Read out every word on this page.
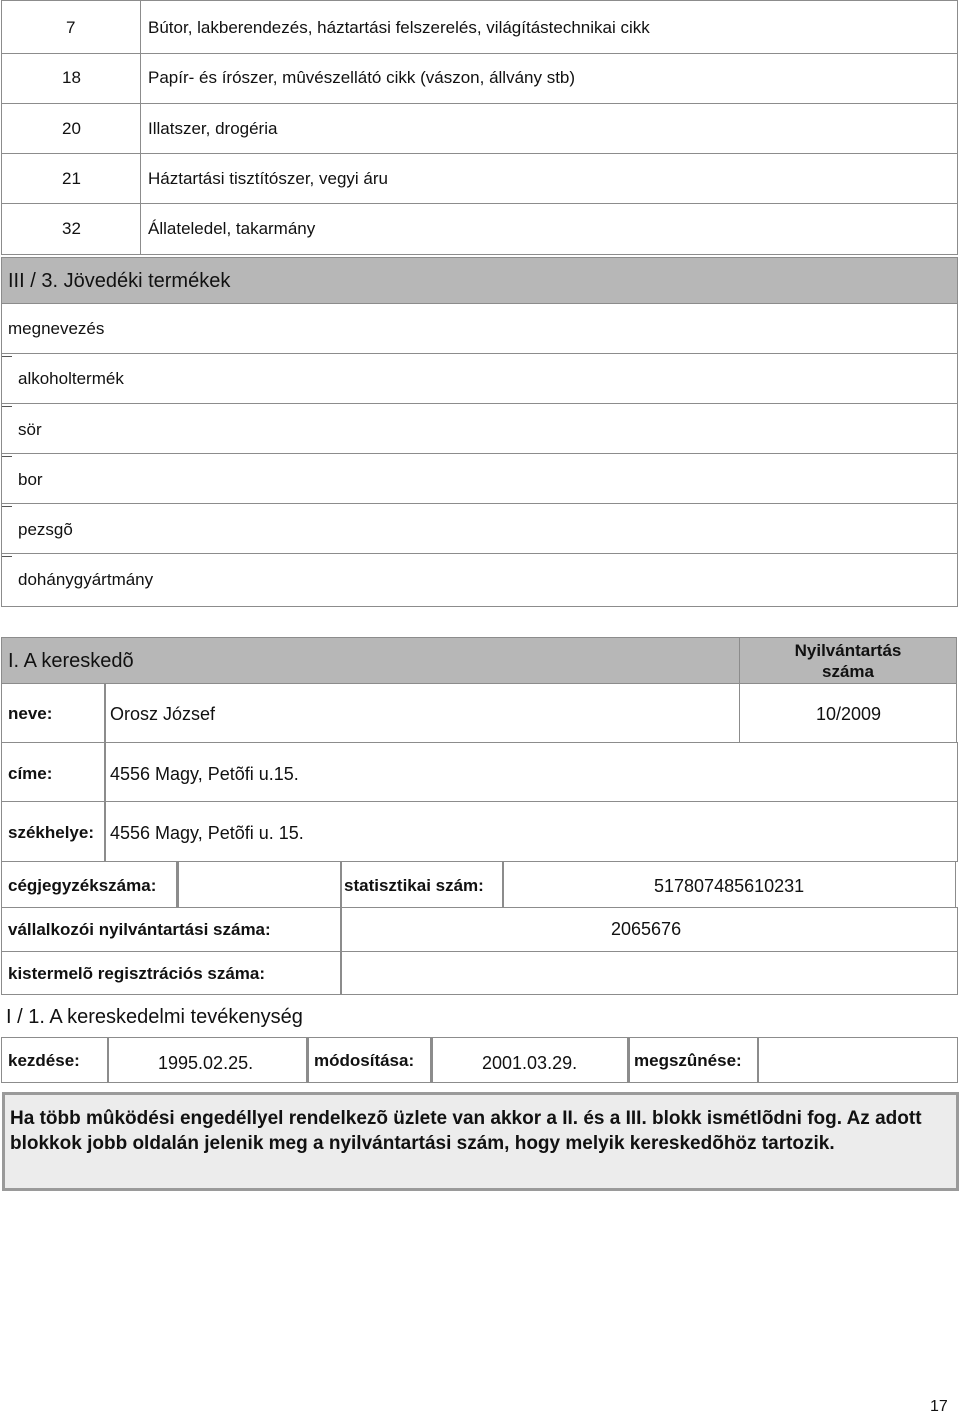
7	Bútor, lakberendezés, háztartási felszerelés, világítástechnikai cikk
18	Papír- és írószer, mûvészellátó cikk (vászon, állvány stb)
20	Illatszer, drogéria
21	Háztartási tisztítószer, vegyi áru
32	Állateledel, takarmány
III / 3. Jövedéki termékek
megnevezés
alkoholtermék
sör
bor
pezsgõ
dohánygyártmány
I. A kereskedõ	Nyilvántartás száma
neve:	Orosz József	10/2009
címe:	4556 Magy, Petõfi u.15.
székhelye: 4556 Magy, Petõfi u. 15.
cégjegyzékszáma:	statisztikai szám:	517807485610231
vállalkozói nyilvántartási száma:	2065676
kistermelõ regisztrációs száma:
I / 1. A kereskedelmi tevékenység
kezdése:	1995.02.25.	módosítása:	2001.03.29.	megszûnése:
Ha több mûködési engedéllyel rendelkezõ üzlete van akkor a II. és a III. blokk ismétlõdni fog. Az adott blokkok jobb oldalán jelenik meg a nyilvántartási szám, hogy melyik kereskedõhöz tartozik.
17
